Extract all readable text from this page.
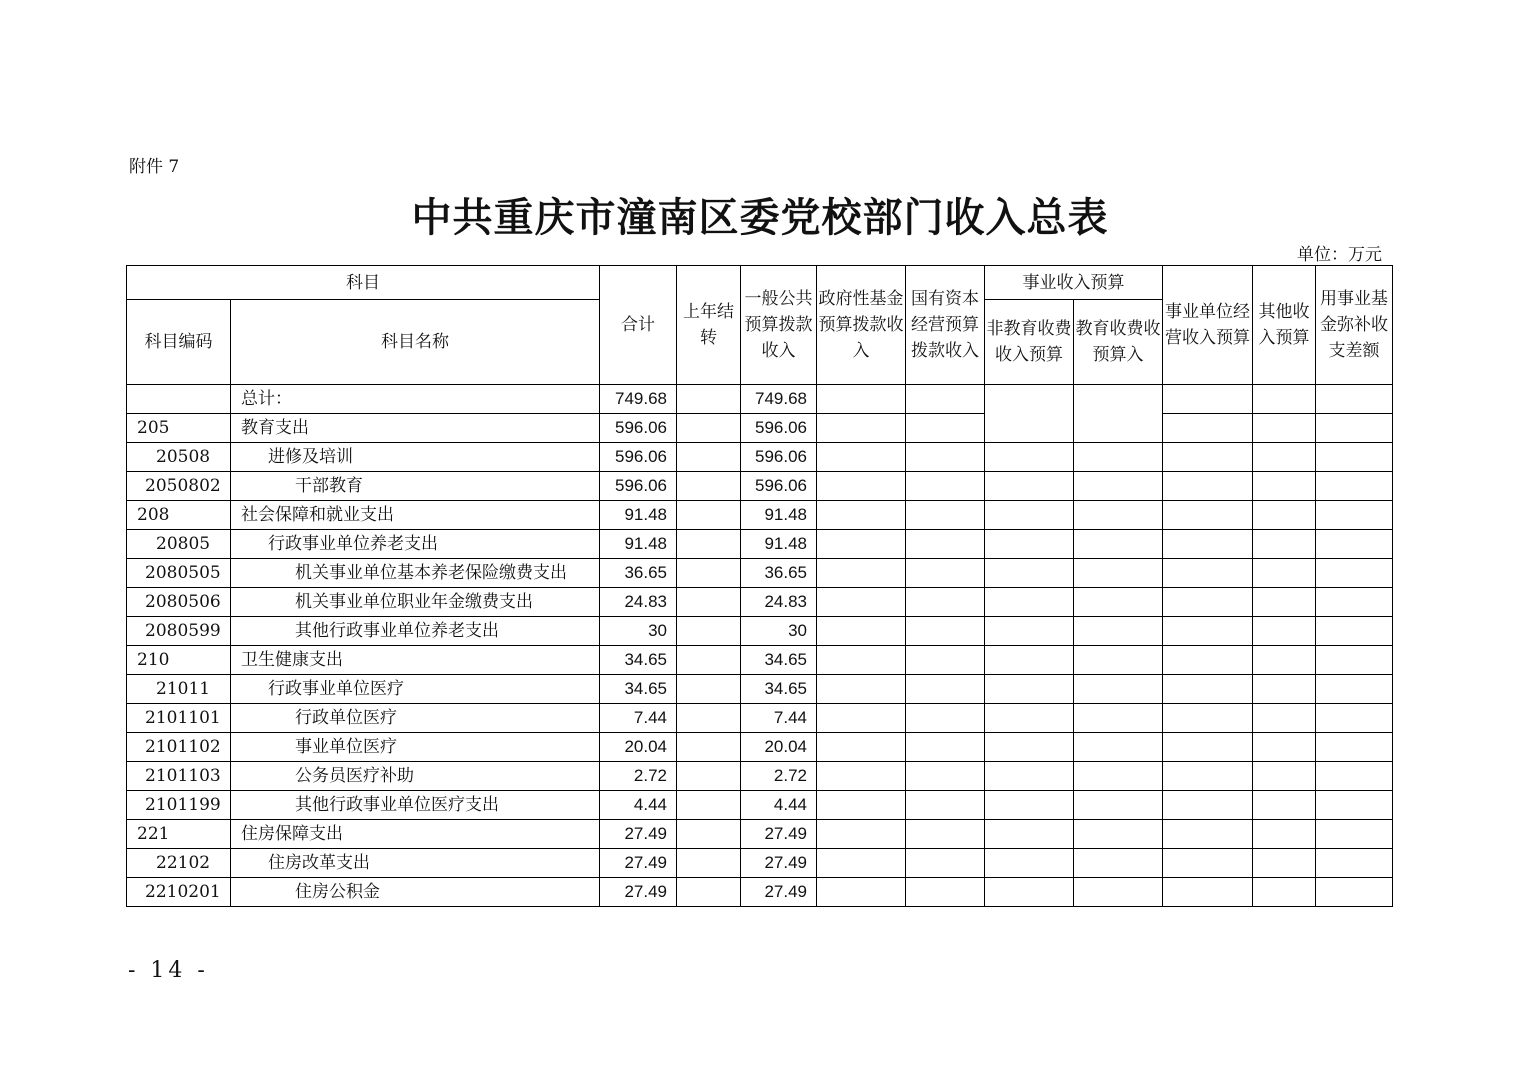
附件 7
中共重庆市潼南区委党校部门收入总表
单位：万元
科目		合计	上年结转	一般公共预算拨款收入	政府性基金预算拨款收入	国有资本经营预算拨款收入	事业收入预算		事业单位经营收入预算	其他收入预算	用事业基金弥补收支差额
科目编码	科目名称						非教育收费收入预算	教育收费收预算入			
	总计：	749.68		749.68							
205	教育支出	596.06		596.06							
20508	进修及培训	596.06		596.06							
2050802	干部教育	596.06		596.06							
208	社会保障和就业支出	91.48		91.48							
20805	行政事业单位养老支出	91.48		91.48							
2080505	机关事业单位基本养老保险缴费支出	36.65		36.65							
2080506	机关事业单位职业年金缴费支出	24.83		24.83							
2080599	其他行政事业单位养老支出	30		30							
210	卫生健康支出	34.65		34.65							
21011	行政事业单位医疗	34.65		34.65							
2101101	行政单位医疗	7.44		7.44							
2101102	事业单位医疗	20.04		20.04							
2101103	公务员医疗补助	2.72		2.72							
2101199	其他行政事业单位医疗支出	4.44		4.44							
221	住房保障支出	27.49		27.49							
22102	住房改革支出	27.49		27.49							
2210201	住房公积金	27.49		27.49							
- 14 -
